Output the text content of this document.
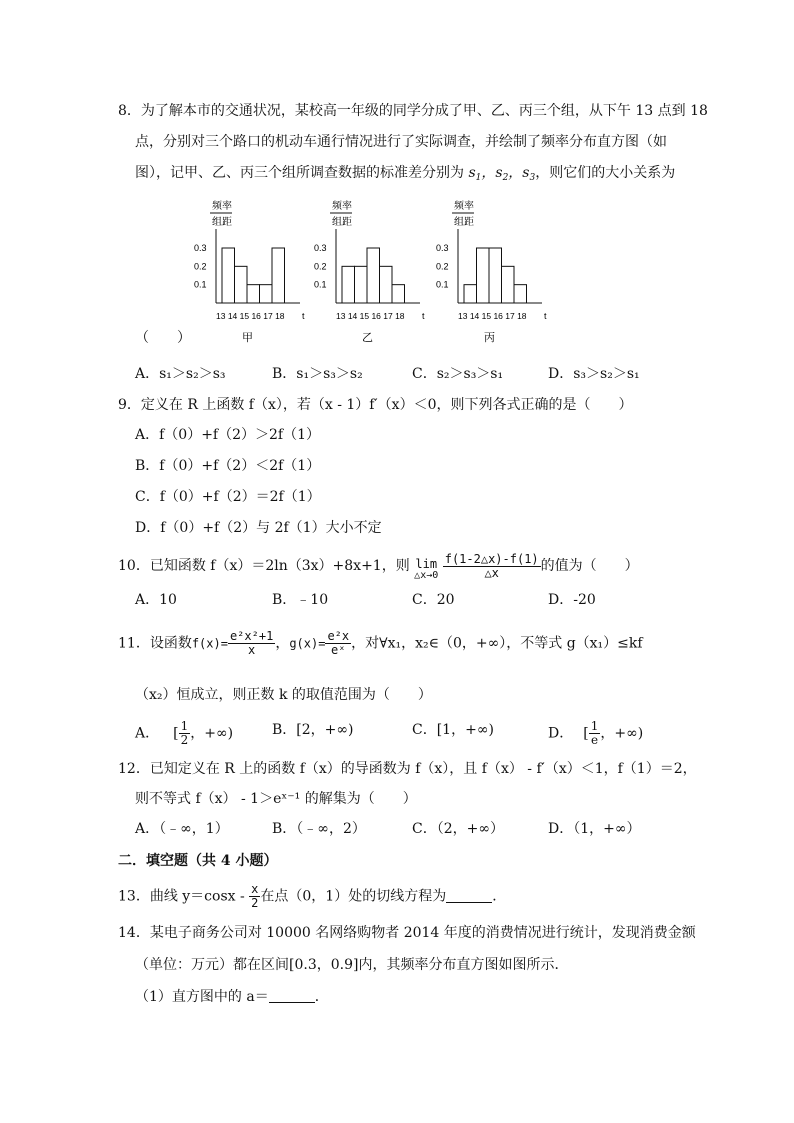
8．为了解本市的交通状况，某校高一年级的同学分成了甲、乙、丙三个组，从下午 13 点到 18
点，分别对三个路口的机动车通行情况进行了实际调查，并绘制了频率分布直方图（如
图），记甲、乙、丙三个组所调查数据的标准差分别为 $s_1$，$s_2$，$s_3$，则它们的大小关系为
频率
组距
0.3
0.2
0.1
13 14 15 16 17 18 t
甲
频率
组距
0.3
0.2
0.1
13 14 15 16 17 18 t
乙
频率
组距
0.3
0.2
0.1
13 14 15 16 17 18 t
丙
（　　）
A．s₁＞s₂＞s₃	B．s₁＞s₃＞s₂	C．s₂＞s₃＞s₁	D．s₃＞s₂＞s₁
9．定义在 R 上函数 f（x），若（x - 1）f′（x）＜0，则下列各式正确的是（　　）
A．f（0）+f（2）＞2f（1）
B．f（0）+f（2）＜2f（1）
C．f（0）+f（2）＝2f（1）
D．f（0）+f（2）与 2f（1）大小不定
10．已知函数 f（x）＝2ln（3x）+8x+1，则 lim
△x→0
$\frac{f(1-2\triangle x)-f(1)}{\triangle x}$ 的值为（　　）
A．10	B．﹣10	C．20	D．-20
11．设函数$f(x)= \frac{\text{e²x²+1}}{x}$ ，$g(x)= \frac{\text{e²x}}{\text{eˣ}}$ ，对∀x₁，x₂∈（0，+∞），不等式 g（x₁）≤kf
（x₂）恒成立，则正数 k 的取值范围为（　　）
A． [ $\frac{1}{2}$ ，+∞)	B．[2，+∞)	C．[1，+∞)	D． [ $\frac{1}{e}$ ，+∞)
12．已知定义在 R 上的函数 f（x）的导函数为 f（x），且 f（x） - f′（x）＜1，f（1）＝2，
则不等式 f（x） - 1＞eˣ⁻¹ 的解集为（　　）
A．（﹣∞，1）	B．（﹣∞，2）	C．（2，+∞）	D．（1，+∞）
二．填空题（共 4 小题）
13．曲线 $y=\cos x - \frac{x}{2}$ 在点（0，1）处的切线方程为	．
14．某电子商务公司对 10000 名网络购物者 2014 年度的消费情况进行统计，发现消费金额
（单位：万元）都在区间[0.3，0.9]内，其频率分布直方图如图所示．
（1）直方图中的 a＝	．
